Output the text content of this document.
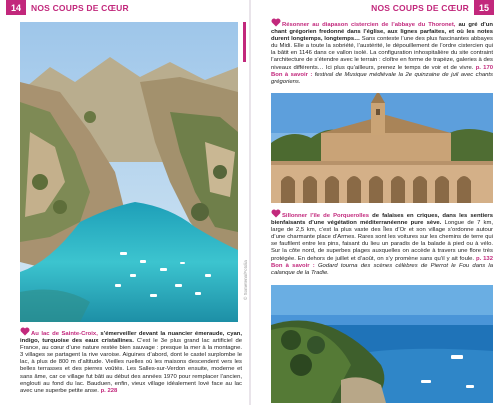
14	NOS COUPS DE CŒUR
© Sometenn/Fotolia
Au lac de Sainte-Croix, s’émerveiller devant la nuancier émeraude, cyan, indigo, turquoise des eaux cristallines. C’est le 3e plus grand lac artificiel de France, au cœur d’une nature restée bien sauvage : presque la mer à la montagne. 3 villages se partagent la rive varoise. Aiguines d’abord, dont le castel surplombe le lac, à plus de 800 m d’altitude. Vieilles ruelles où les maisons descendent vers les belles terrasses et des pierres voûtés. Les Salles-sur-Verdon ensuite, moderne et sans âme, car ce village fut bâti au début des années 1970 pour remplacer l’ancien, englouti au fond du lac. Bauduen, enfin, vieux village idéalement lové face au lac avec une superbe petite anse. p. 228
15
NOS COUPS DE CŒUR
Résonner au diapason cistercien de l’abbaye du Thoronet, au gré d’un chant grégorien fredonné dans l’église, aux lignes parfaites, et où les notes durent longtemps, longtemps… Sans conteste l’une des plus fascinantes abbayes du Midi. Elle a toute la sobriété, l’austérité, le dépouillement de l’ordre cistercien qui la bâtit en 1146 dans ce vallon isolé. La configuration inhospitalière du site contraint l’architecture de s’étendre avec le terrain : cloître en forme de trapèze, galeries à des niveaux différents… Ici plus qu’ailleurs, prenez le temps de voir et de vivre. p. 170 Bon à savoir : festival de Musique médiévale la 2e quinzaine de juil avec chants grégoriens.
Sillonner l’île de Porquerolles de falaises en criques, dans les sentiers bienfaisants d’une végétation méditerranéenne pure sève. Longue de 7 km, large de 2,5 km, c’est la plus vaste des Îles d’Or et son village s’ordonne autour d’une charmante place d’Armes. Rares sont les voitures sur les chemins de terre qui se faufilent entre les pins, faisant du lieu un paradis de la balade à pied ou à vélo. Sur la côte nord, de superbes plages auxquelles on accède à travers une flore très protégée. En dehors de juillet et d’août, on s’y promène sans qu’il y ait foule. p. 132 Bon à savoir : Godard tourna des scènes célèbres de Pierrot le Fou dans la calanque de la Tradie.
